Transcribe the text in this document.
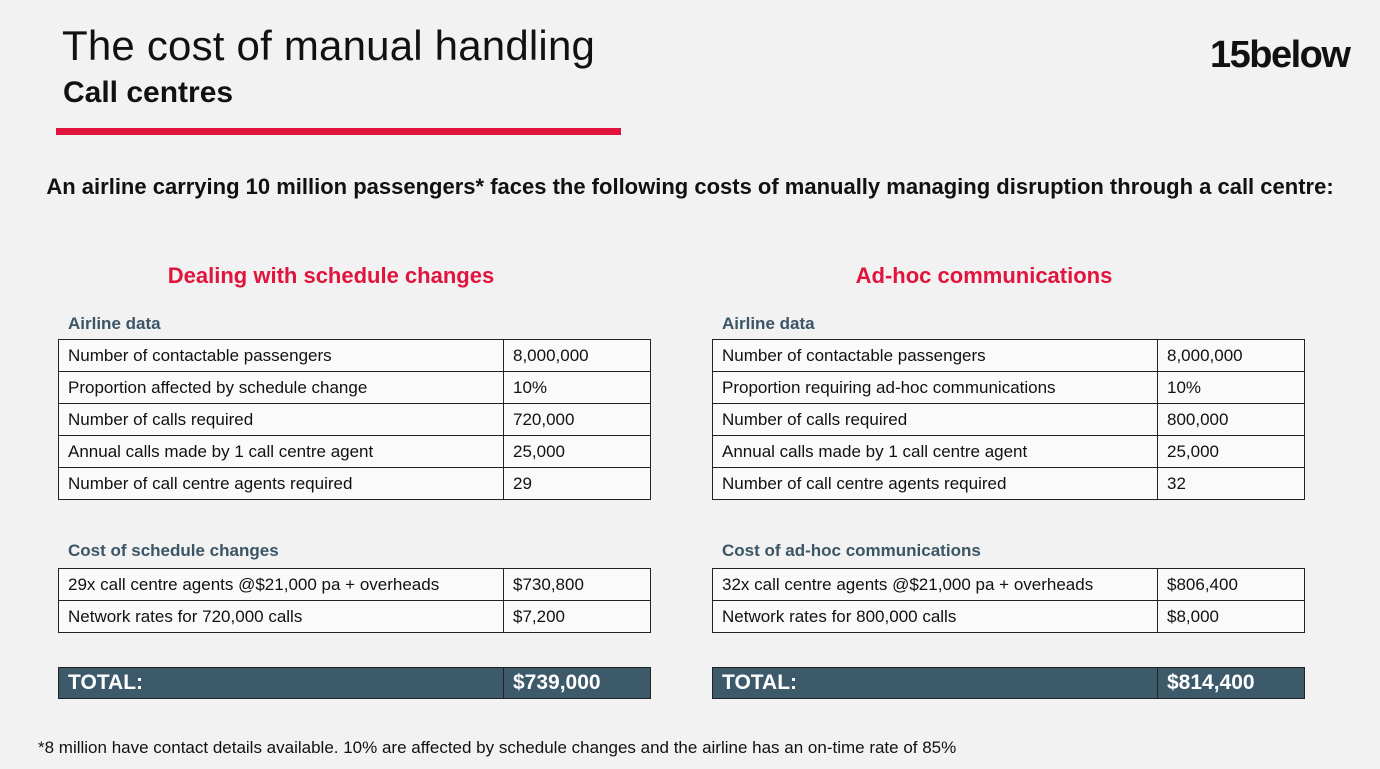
The cost of manual handling
Call centres
15below
An airline carrying 10 million passengers* faces the following costs of manually managing disruption through a call centre:
Dealing with schedule changes
Airline data
Number of contactable passengers	8,000,000
Proportion affected by schedule change	10%
Number of calls required	720,000
Annual calls made by 1 call centre agent	25,000
Number of call centre agents required	29
Cost of schedule changes
29x call centre agents @$21,000 pa + overheads	$730,800
Network rates for 720,000 calls	$7,200
TOTAL:	$739,000
Ad-hoc communications
Airline data
Number of contactable passengers	8,000,000
Proportion requiring ad-hoc communications	10%
Number of calls required	800,000
Annual calls made by 1 call centre agent	25,000
Number of call centre agents required	32
Cost of ad-hoc communications
32x call centre agents @$21,000 pa + overheads	$806,400
Network rates for 800,000 calls	$8,000
TOTAL:	$814,400
*8 million have contact details available. 10% are affected by schedule changes and the airline has an on-time rate of 85%
